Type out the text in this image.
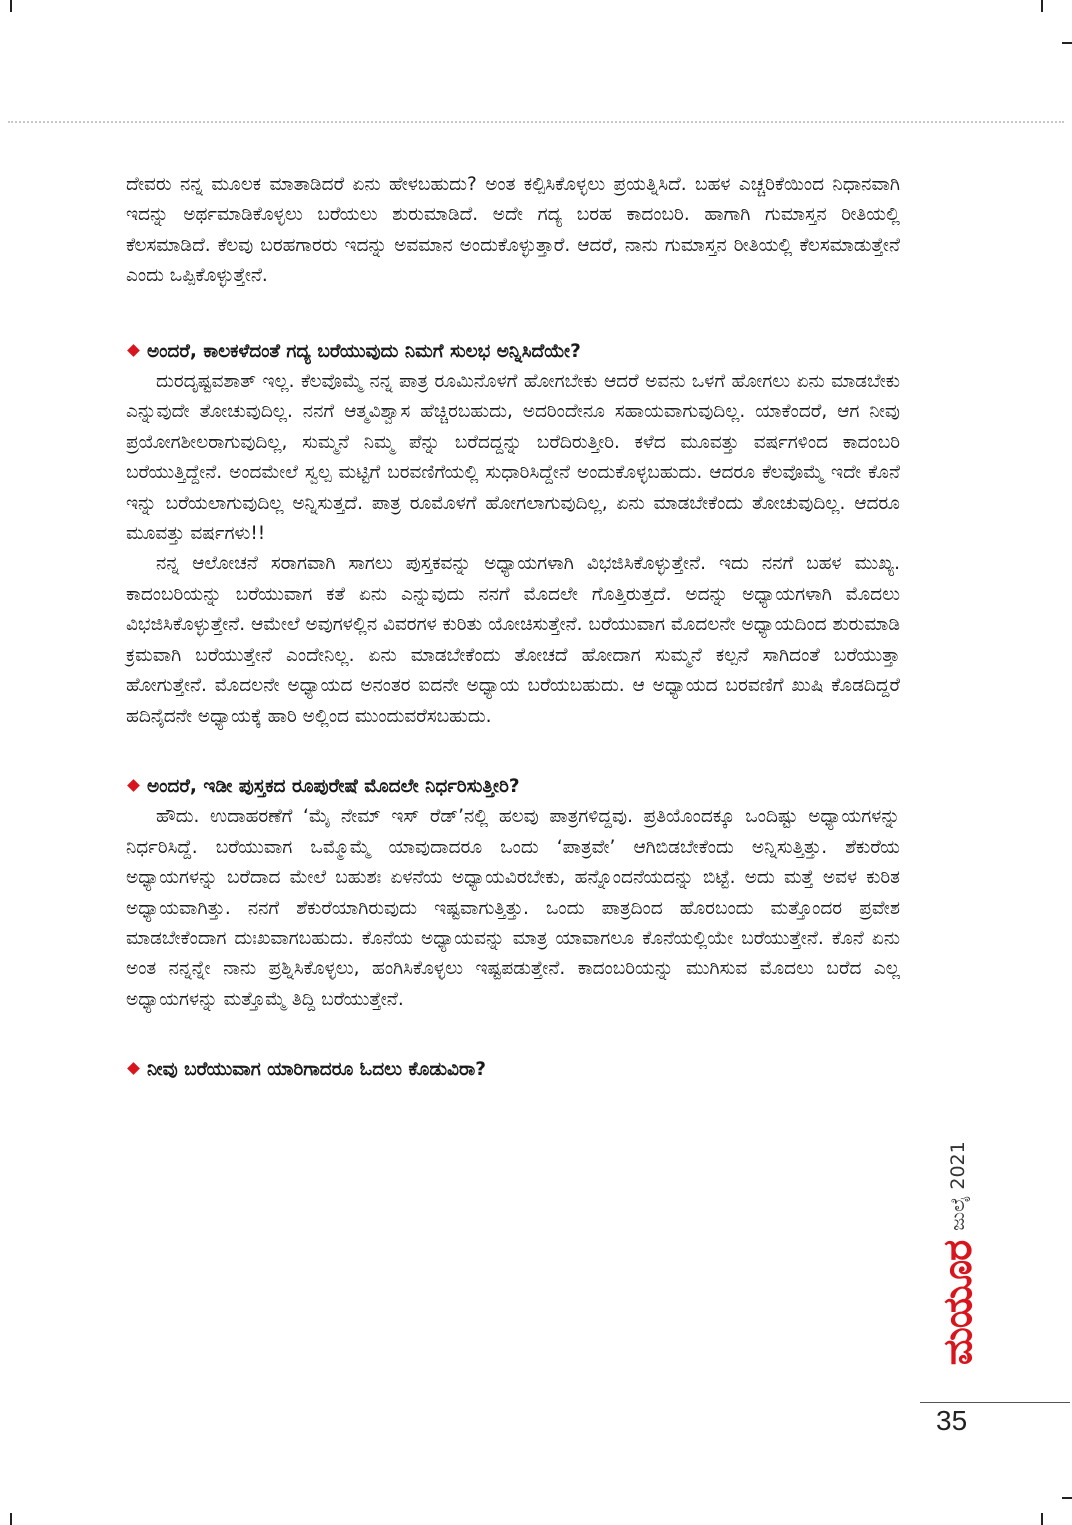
ದೇವರು ನನ್ನ ಮೂಲಕ ಮಾತಾಡಿದರೆ ಏನು ಹೇಳಬಹುದು? ಅಂತ ಕಲ್ಪಿಸಿಕೊಳ್ಳಲು ಪ್ರಯತ್ನಿಸಿದೆ. ಬಹಳ ಎಚ್ಚರಿಕೆಯಿಂದ ನಿಧಾನವಾಗಿ ಇದನ್ನು ಅರ್ಥಮಾಡಿಕೊಳ್ಳಲು ಬರೆಯಲು ಶುರುಮಾಡಿದೆ. ಅದೇ ಗದ್ಯ ಬರಹ ಕಾದಂಬರಿ. ಹಾಗಾಗಿ ಗುಮಾಸ್ತನ ರೀತಿಯಲ್ಲಿ ಕೆಲಸಮಾಡಿದೆ. ಕೆಲವು ಬರಹಗಾರರು ಇದನ್ನು ಅವಮಾನ ಅಂದುಕೊಳ್ಳುತ್ತಾರೆ. ಆದರೆ, ನಾನು ಗುಮಾಸ್ತನ ರೀತಿಯಲ್ಲಿ ಕೆಲಸಮಾಡುತ್ತೇನೆ ಎಂದು ಒಪ್ಪಿಕೊಳ್ಳುತ್ತೇನೆ.

ಅಂದರೆ, ಕಾಲಕಳೆದಂತೆ ಗದ್ಯ ಬರೆಯುವುದು ನಿಮಗೆ ಸುಲಭ ಅನ್ನಿಸಿದೆಯೇ?

ದುರದೃಷ್ಟವಶಾತ್ ಇಲ್ಲ. ಕೆಲವೊಮ್ಮೆ ನನ್ನ ಪಾತ್ರ ರೂಮಿನೊಳಗೆ ಹೋಗಬೇಕು ಆದರೆ ಅವನು ಒಳಗೆ ಹೋಗಲು ಏನು ಮಾಡಬೇಕು ಎನ್ನುವುದೇ ತೋಚುವುದಿಲ್ಲ. ನನಗೆ ಆತ್ಮವಿಶ್ವಾಸ ಹೆಚ್ಚಿರಬಹುದು, ಅದರಿಂದೇನೂ ಸಹಾಯವಾಗುವುದಿಲ್ಲ. ಯಾಕೆಂದರೆ, ಆಗ ನೀವು ಪ್ರಯೋಗಶೀಲರಾಗುವುದಿಲ್ಲ, ಸುಮ್ಮನೆ ನಿಮ್ಮ ಪೆನ್ನು ಬರೆದದ್ದನ್ನು ಬರೆದಿರುತ್ತೀರಿ. ಕಳೆದ ಮೂವತ್ತು ವರ್ಷಗಳಿಂದ ಕಾದಂಬರಿ ಬರೆಯುತ್ತಿದ್ದೇನೆ. ಅಂದಮೇಲೆ ಸ್ವಲ್ಪ ಮಟ್ಟಿಗೆ ಬರವಣಿಗೆಯಲ್ಲಿ ಸುಧಾರಿಸಿದ್ದೇನೆ ಅಂದುಕೊಳ್ಳಬಹುದು. ಆದರೂ ಕೆಲವೊಮ್ಮೆ ಇದೇ ಕೊನೆ ಇನ್ನು ಬರೆಯಲಾಗುವುದಿಲ್ಲ ಅನ್ನಿಸುತ್ತದೆ. ಪಾತ್ರ ರೂಮೊಳಗೆ ಹೋಗಲಾಗುವುದಿಲ್ಲ, ಏನು ಮಾಡಬೇಕೆಂದು ತೋಚುವುದಿಲ್ಲ. ಆದರೂ ಮೂವತ್ತು ವರ್ಷಗಳು!!

ನನ್ನ ಆಲೋಚನೆ ಸರಾಗವಾಗಿ ಸಾಗಲು ಪುಸ್ತಕವನ್ನು ಅಧ್ಯಾಯಗಳಾಗಿ ವಿಭಜಿಸಿಕೊಳ್ಳುತ್ತೇನೆ. ಇದು ನನಗೆ ಬಹಳ ಮುಖ್ಯ. ಕಾದಂಬರಿಯನ್ನು ಬರೆಯುವಾಗ ಕತೆ ಏನು ಎನ್ನುವುದು ನನಗೆ ಮೊದಲೇ ಗೊತ್ತಿರುತ್ತದೆ. ಅದನ್ನು ಅಧ್ಯಾಯಗಳಾಗಿ ಮೊದಲು ವಿಭಜಿಸಿಕೊಳ್ಳುತ್ತೇನೆ. ಆಮೇಲೆ ಅವುಗಳಲ್ಲಿನ ವಿವರಗಳ ಕುರಿತು ಯೋಚಿಸುತ್ತೇನೆ. ಬರೆಯುವಾಗ ಮೊದಲನೇ ಅಧ್ಯಾಯದಿಂದ ಶುರುಮಾಡಿ ಕ್ರಮವಾಗಿ ಬರೆಯುತ್ತೇನೆ ಎಂದೇನಿಲ್ಲ. ಏನು ಮಾಡಬೇಕೆಂದು ತೋಚದೆ ಹೋದಾಗ ಸುಮ್ಮನೆ ಕಲ್ಪನೆ ಸಾಗಿದಂತೆ ಬರೆಯುತ್ತಾ ಹೋಗುತ್ತೇನೆ. ಮೊದಲನೇ ಅಧ್ಯಾಯದ ಅನಂತರ ಐದನೇ ಅಧ್ಯಾಯ ಬರೆಯಬಹುದು. ಆ ಅಧ್ಯಾಯದ ಬರವಣಿಗೆ ಖುಷಿ ಕೊಡದಿದ್ದರೆ ಹದಿನೈದನೇ ಅಧ್ಯಾಯಕ್ಕೆ ಹಾರಿ ಅಲ್ಲಿಂದ ಮುಂದುವರೆಸಬಹುದು.

ಅಂದರೆ, ಇಡೀ ಪುಸ್ತಕದ ರೂಪುರೇಷೆ ಮೊದಲೇ ನಿರ್ಧರಿಸುತ್ತೀರಿ?

ಹೌದು. ಉದಾಹರಣೆಗೆ ‘ಮೈ ನೇಮ್ ಇಸ್ ರೆಡ್’ನಲ್ಲಿ ಹಲವು ಪಾತ್ರಗಳಿದ್ದವು. ಪ್ರತಿಯೊಂದಕ್ಕೂ ಒಂದಿಷ್ಟು ಅಧ್ಯಾಯಗಳನ್ನು ನಿರ್ಧರಿಸಿದ್ದೆ. ಬರೆಯುವಾಗ ಒಮ್ಮೊಮ್ಮೆ ಯಾವುದಾದರೂ ಒಂದು ‘ಪಾತ್ರವೇ’ ಆಗಿಬಿಡಬೇಕೆಂದು ಅನ್ನಿಸುತ್ತಿತ್ತು. ಶೆಕುರೆಯ ಅಧ್ಯಾಯಗಳನ್ನು ಬರೆದಾದ ಮೇಲೆ ಬಹುಶಃ ಏಳನೆಯ ಅಧ್ಯಾಯವಿರಬೇಕು, ಹನ್ನೊಂದನೆಯದನ್ನು ಬಿಟ್ಟೆ. ಅದು ಮತ್ತೆ ಅವಳ ಕುರಿತ ಅಧ್ಯಾಯವಾಗಿತ್ತು. ನನಗೆ ಶೆಕುರೆಯಾಗಿರುವುದು ಇಷ್ಟವಾಗುತ್ತಿತ್ತು. ಒಂದು ಪಾತ್ರದಿಂದ ಹೊರಬಂದು ಮತ್ತೊಂದರ ಪ್ರವೇಶ ಮಾಡಬೇಕೆಂದಾಗ ದುಃಖವಾಗಬಹುದು. ಕೊನೆಯ ಅಧ್ಯಾಯವನ್ನು ಮಾತ್ರ ಯಾವಾಗಲೂ ಕೊನೆಯಲ್ಲಿಯೇ ಬರೆಯುತ್ತೇನೆ. ಕೊನೆ ಏನು ಅಂತ ನನ್ನನ್ನೇ ನಾನು ಪ್ರಶ್ನಿಸಿಕೊಳ್ಳಲು, ಹಂಗಿಸಿಕೊಳ್ಳಲು ಇಷ್ಟಪಡುತ್ತೇನೆ. ಕಾದಂಬರಿಯನ್ನು ಮುಗಿಸುವ ಮೊದಲು ಬರೆದ ಎಲ್ಲ ಅಧ್ಯಾಯಗಳನ್ನು ಮತ್ತೊಮ್ಮೆ ತಿದ್ದಿ ಬರೆಯುತ್ತೇನೆ.

ನೀವು ಬರೆಯುವಾಗ ಯಾರಿಗಾದರೂ ಓದಲು ಕೊಡುವಿರಾ?
ಜುಲೈ 2021
ಮಯೂರ
35
